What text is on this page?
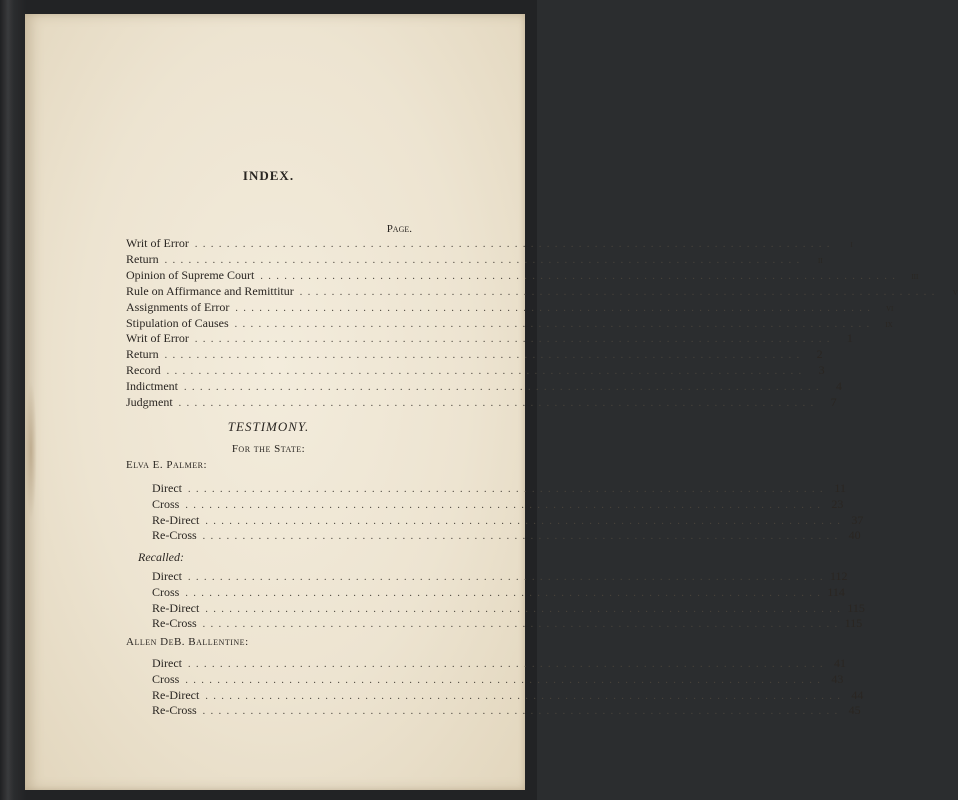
INDEX.
Page.
TESTIMONY.
For the State:
Writ of Error . . . . . . . . . . . . . . . . . . . . . . . . . . . . . . . . . . . . . . . . . . . . . . . . . . . . . . . . . . . . . . . . . . . . . . . . . . . . . . . .	i
Return . . . . . . . . . . . . . . . . . . . . . . . . . . . . . . . . . . . . . . . . . . . . . . . . . . . . . . . . . . . . . . . . . . . . . . . . . . . . . . . .	ii
Opinion of Supreme Court . . . . . . . . . . . . . . . . . . . . . . . . . . . . . . . . . . . . . . . . . . . . . . . . . . . . . . . . . . . . . . . . . . . . . . . . . . . . . . . .	iii
Rule on Affirmance and Remittitur . . . . . . . . . . . . . . . . . . . . . . . . . . . . . . . . . . . . . . . . . . . . . . . . . . . . . . . . . . . . . . . . . . . . . . . . . . . . . . . .	v
Assignments of Error . . . . . . . . . . . . . . . . . . . . . . . . . . . . . . . . . . . . . . . . . . . . . . . . . . . . . . . . . . . . . . . . . . . . . . . . . . . . . . . .	vi
Stipulation of Causes . . . . . . . . . . . . . . . . . . . . . . . . . . . . . . . . . . . . . . . . . . . . . . . . . . . . . . . . . . . . . . . . . . . . . . . . . . . . . . . .	ix
Writ of Error . . . . . . . . . . . . . . . . . . . . . . . . . . . . . . . . . . . . . . . . . . . . . . . . . . . . . . . . . . . . . . . . . . . . . . . . . . . . . . . .	1
Return . . . . . . . . . . . . . . . . . . . . . . . . . . . . . . . . . . . . . . . . . . . . . . . . . . . . . . . . . . . . . . . . . . . . . . . . . . . . . . . .	2
Record . . . . . . . . . . . . . . . . . . . . . . . . . . . . . . . . . . . . . . . . . . . . . . . . . . . . . . . . . . . . . . . . . . . . . . . . . . . . . . . .	3
Indictment . . . . . . . . . . . . . . . . . . . . . . . . . . . . . . . . . . . . . . . . . . . . . . . . . . . . . . . . . . . . . . . . . . . . . . . . . . . . . . . .	4
Judgment . . . . . . . . . . . . . . . . . . . . . . . . . . . . . . . . . . . . . . . . . . . . . . . . . . . . . . . . . . . . . . . . . . . . . . . . . . . . . . . .	7
Elva E. Palmer:
Direct . . . . . . . . . . . . . . . . . . . . . . . . . . . . . . . . . . . . . . . . . . . . . . . . . . . . . . . . . . . . . . . . . . . . . . . . . . . . . . . . 11
Cross . . . . . . . . . . . . . . . . . . . . . . . . . . . . . . . . . . . . . . . . . . . . . . . . . . . . . . . . . . . . . . . . . . . . . . . . . . . . . . . . 23
Re-Direct . . . . . . . . . . . . . . . . . . . . . . . . . . . . . . . . . . . . . . . . . . . . . . . . . . . . . . . . . . . . . . . . . . . . . . . . . . . . . . . . 37
Re-Cross . . . . . . . . . . . . . . . . . . . . . . . . . . . . . . . . . . . . . . . . . . . . . . . . . . . . . . . . . . . . . . . . . . . . . . . . . . . . . . . . 40
Recalled:
Direct . . . . . . . . . . . . . . . . . . . . . . . . . . . . . . . . . . . . . . . . . . . . . . . . . . . . . . . . . . . . . . . . . . . . . . . . . . . . . . . . 112
Cross . . . . . . . . . . . . . . . . . . . . . . . . . . . . . . . . . . . . . . . . . . . . . . . . . . . . . . . . . . . . . . . . . . . . . . . . . . . . . . . . 114
Re-Direct . . . . . . . . . . . . . . . . . . . . . . . . . . . . . . . . . . . . . . . . . . . . . . . . . . . . . . . . . . . . . . . . . . . . . . . . . . . . . . . . 115
Re-Cross . . . . . . . . . . . . . . . . . . . . . . . . . . . . . . . . . . . . . . . . . . . . . . . . . . . . . . . . . . . . . . . . . . . . . . . . . . . . . . . . 115
Allen DeB. Ballentine:
Direct . . . . . . . . . . . . . . . . . . . . . . . . . . . . . . . . . . . . . . . . . . . . . . . . . . . . . . . . . . . . . . . . . . . . . . . . . . . . . . . . 41
Cross . . . . . . . . . . . . . . . . . . . . . . . . . . . . . . . . . . . . . . . . . . . . . . . . . . . . . . . . . . . . . . . . . . . . . . . . . . . . . . . . 43
Re-Direct . . . . . . . . . . . . . . . . . . . . . . . . . . . . . . . . . . . . . . . . . . . . . . . . . . . . . . . . . . . . . . . . . . . . . . . . . . . . . . . . 44
Re-Cross . . . . . . . . . . . . . . . . . . . . . . . . . . . . . . . . . . . . . . . . . . . . . . . . . . . . . . . . . . . . . . . . . . . . . . . . . . . . . . . . 45
